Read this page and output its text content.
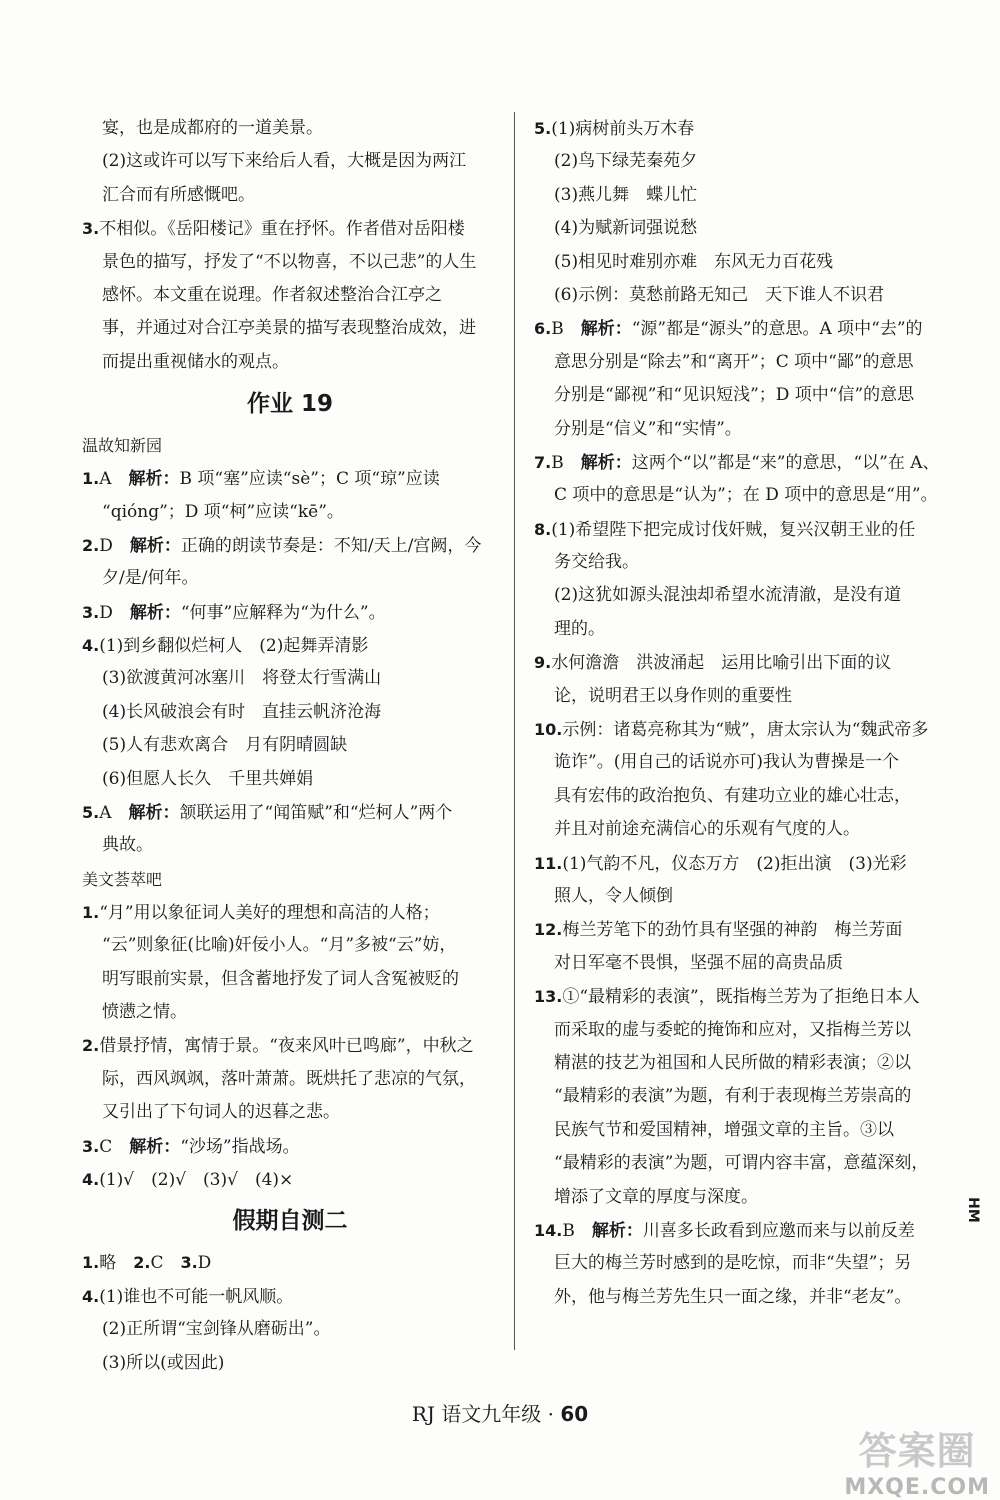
宴，也是成都府的一道美景。
(2)这或许可以写下来给后人看，大概是因为两江
汇合而有所感慨吧。
3.不相似。《岳阳楼记》重在抒怀。作者借对岳阳楼
景色的描写，抒发了“不以物喜，不以己悲”的人生
感怀。本文重在说理。作者叙述整治合江亭之
事，并通过对合江亭美景的描写表现整治成效，进
而提出重视储水的观点。
作业 19
温故知新园
1.A　解析：B 项“塞”应读“sè”；C 项“琼”应读
“qióng”；D 项“柯”应读“kē”。
2.D　解析：正确的朗读节奏是：不知/天上/宫阙，今
夕/是/何年。
3.D　解析：“何事”应解释为“为什么”。
4.(1)到乡翻似烂柯人　(2)起舞弄清影
(3)欲渡黄河冰塞川　将登太行雪满山
(4)长风破浪会有时　直挂云帆济沧海
(5)人有悲欢离合　月有阴晴圆缺
(6)但愿人长久　千里共婵娟
5.A　解析：颔联运用了“闻笛赋”和“烂柯人”两个
典故。
美文荟萃吧
1.“月”用以象征词人美好的理想和高洁的人格；
“云”则象征(比喻)奸佞小人。“月”多被“云”妨，
明写眼前实景，但含蓄地抒发了词人含冤被贬的
愤懑之情。
2.借景抒情，寓情于景。“夜来风叶已鸣廊”，中秋之
际，西风飒飒，落叶萧萧。既烘托了悲凉的气氛，
又引出了下句词人的迟暮之悲。
3.C　解析：“沙场”指战场。
4.(1)√　(2)√　(3)√　(4)×
假期自测二
1.略　2.C　3.D
4.(1)谁也不可能一帆风顺。
(2)正所谓“宝剑锋从磨砺出”。
(3)所以(或因此)
5.(1)病树前头万木春
(2)鸟下绿芜秦苑夕
(3)燕儿舞　蝶儿忙
(4)为赋新词强说愁
(5)相见时难别亦难　东风无力百花残
(6)示例：莫愁前路无知己　天下谁人不识君
6.B　解析：“源”都是“源头”的意思。A 项中“去”的
意思分别是“除去”和“离开”；C 项中“鄙”的意思
分别是“鄙视”和“见识短浅”；D 项中“信”的意思
分别是“信义”和“实情”。
7.B　解析：这两个“以”都是“来”的意思，“以”在 A、
C 项中的意思是“认为”；在 D 项中的意思是“用”。
8.(1)希望陛下把完成讨伐奸贼，复兴汉朝王业的任
务交给我。
(2)这犹如源头混浊却希望水流清澈，是没有道
理的。
9.水何澹澹　洪波涌起　运用比喻引出下面的议
论，说明君王以身作则的重要性
10.示例：诸葛亮称其为“贼”，唐太宗认为“魏武帝多
诡诈”。(用自己的话说亦可)我认为曹操是一个
具有宏伟的政治抱负、有建功立业的雄心壮志，
并且对前途充满信心的乐观有气度的人。
11.(1)气韵不凡，仪态万方　(2)拒出演　(3)光彩
照人，令人倾倒
12.梅兰芳笔下的劲竹具有坚强的神韵　梅兰芳面
对日军毫不畏惧，坚强不屈的高贵品质
13.①“最精彩的表演”，既指梅兰芳为了拒绝日本人
而采取的虚与委蛇的掩饰和应对，又指梅兰芳以
精湛的技艺为祖国和人民所做的精彩表演；②以
“最精彩的表演”为题，有利于表现梅兰芳崇高的
民族气节和爱国精神，增强文章的主旨。③以
“最精彩的表演”为题，可谓内容丰富，意蕴深刻，
增添了文章的厚度与深度。
14.B　解析：川喜多长政看到应邀而来与以前反差
巨大的梅兰芳时感到的是吃惊，而非“失望”；另
外，他与梅兰芳先生只一面之缘，并非“老友”。
RJ 语文九年级 · 60
HM
答案圈
MXQE.COM
